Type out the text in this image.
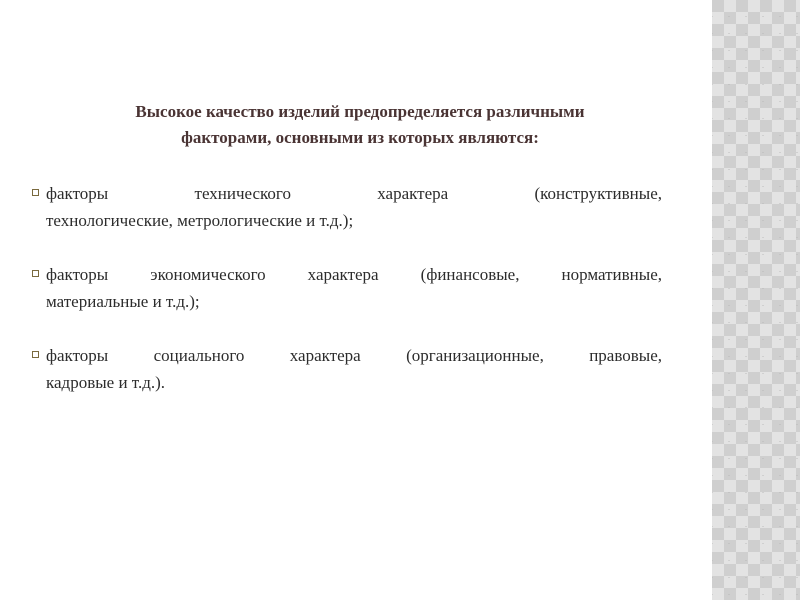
Высокое качество изделий предопределяется различными
факторами, основными из которых являются:
факторы технического характера (конструктивные,
технологические, метрологические и т.д.);
факторы экономического характера (финансовые, нормативные,
материальные и т.д.);
факторы социального характера (организационные, правовые,
кадровые и т.д.).
